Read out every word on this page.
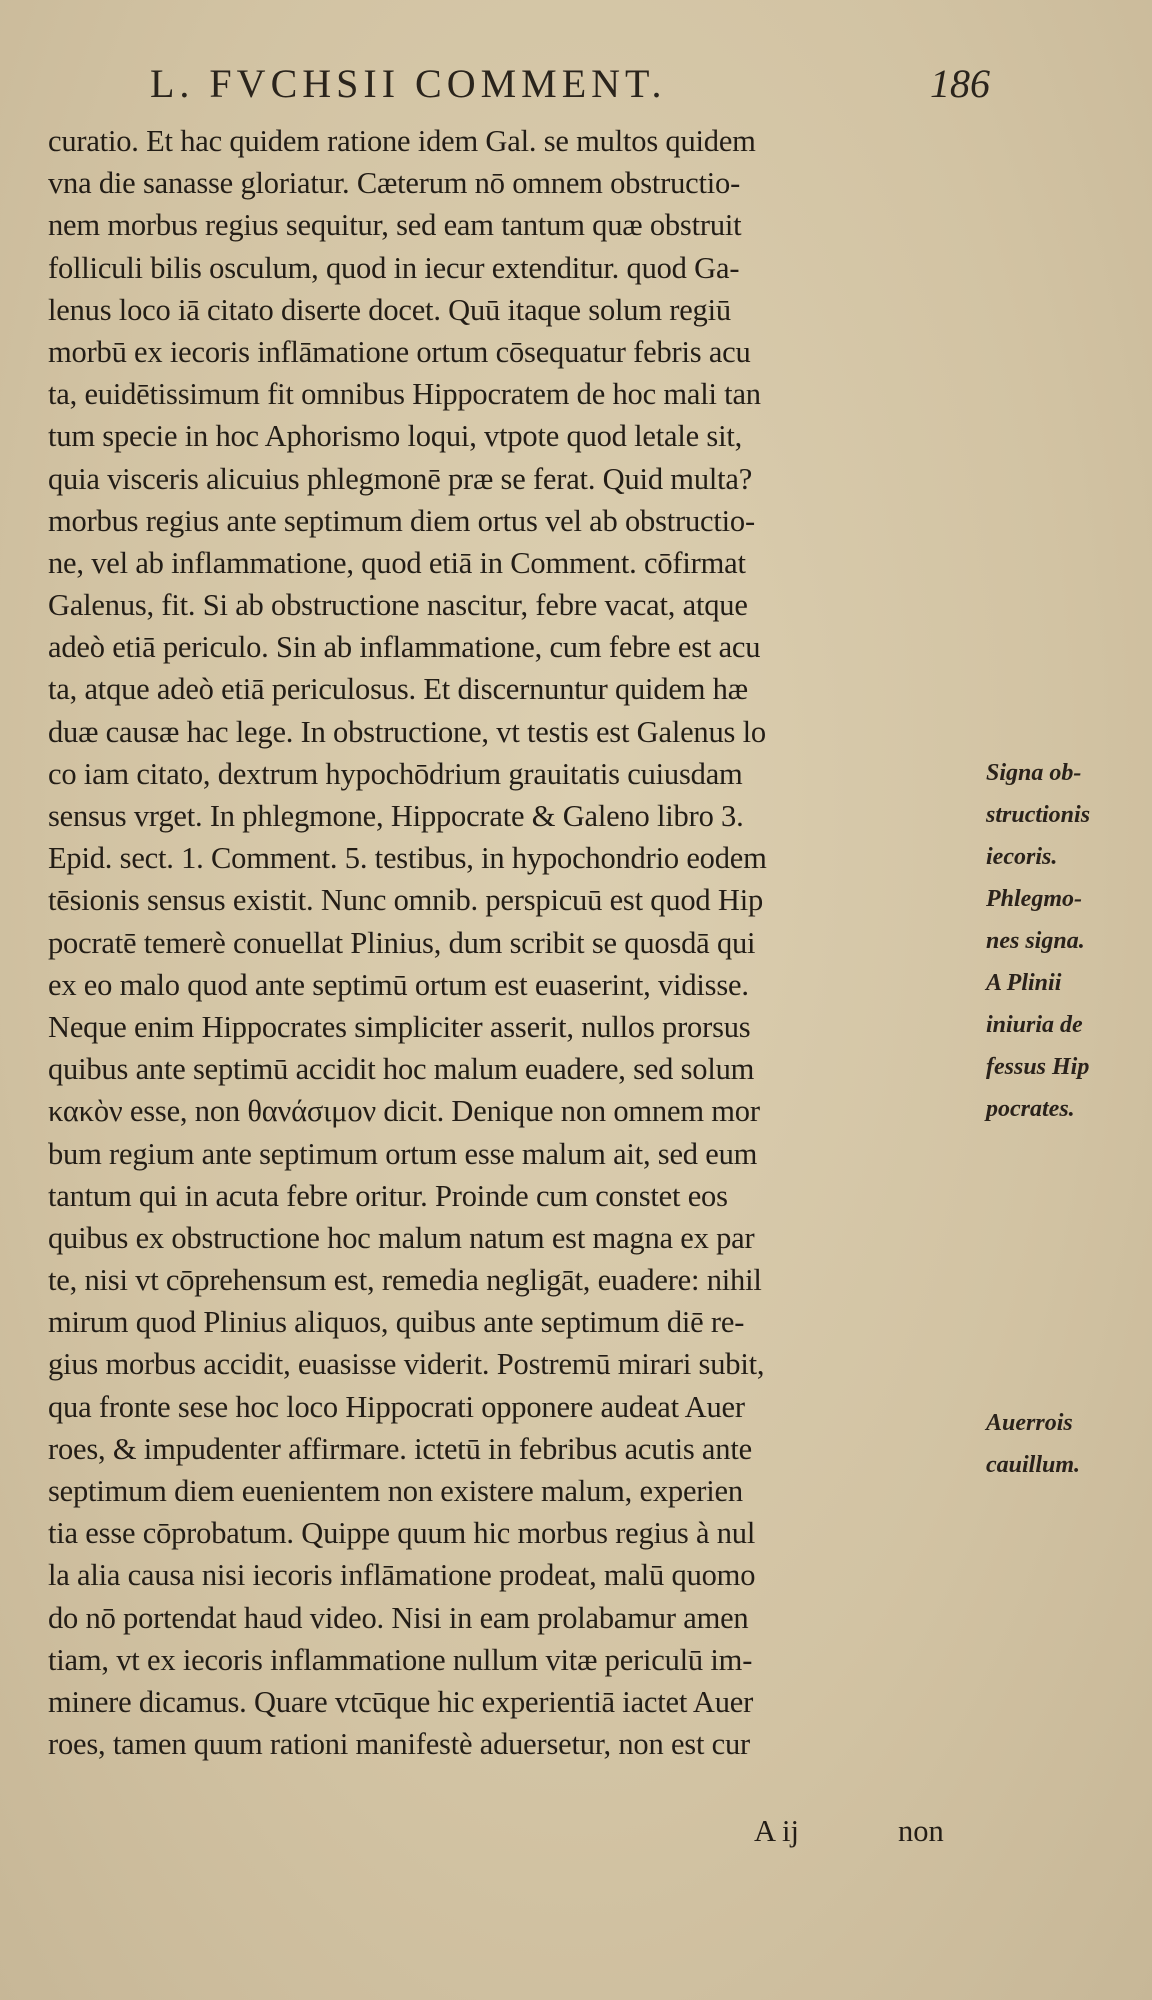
L. FVCHSII COMMENT.	186
curatio. Et hac quidem ratione idem Gal. se multos quidem
vna die sanasse gloriatur. Cæterum nō omnem obstructio-
nem morbus regius sequitur, sed eam tantum quæ obstruit
folliculi bilis osculum, quod in iecur extenditur. quod Ga-
lenus loco iā citato diserte docet. Quū itaque solum regiū
morbū ex iecoris inflāmatione ortum cōsequatur febris acu
ta, euidētissimum fit omnibus Hippocratem de hoc mali tan
tum specie in hoc Aphorismo loqui, vtpote quod letale sit,
quia visceris alicuius phlegmonē præ se ferat. Quid multa?
morbus regius ante septimum diem ortus vel ab obstructio-
ne, vel ab inflammatione, quod etiā in Comment. cōfirmat
Galenus, fit. Si ab obstructione nascitur, febre vacat, atque
adeò etiā periculo. Sin ab inflammatione, cum febre est acu
ta, atque adeò etiā periculosus. Et discernuntur quidem hæ
duæ causæ hac lege. In obstructione, vt testis est Galenus lo
co iam citato, dextrum hypochōdrium grauitatis cuiusdam
sensus vrget. In phlegmone, Hippocrate & Galeno libro 3.
Epid. sect. 1. Comment. 5. testibus, in hypochondrio eodem
tēsionis sensus existit. Nunc omnib. perspicuū est quod Hip
pocratē temerè conuellat Plinius, dum scribit se quosdā qui
ex eo malo quod ante septimū ortum est euaserint, vidisse.
Neque enim Hippocrates simpliciter asserit, nullos prorsus
quibus ante septimū accidit hoc malum euadere, sed solum
κακὸν esse, non θανάσιμον dicit. Denique non omnem mor
bum regium ante septimum ortum esse malum ait, sed eum
tantum qui in acuta febre oritur. Proinde cum constet eos
quibus ex obstructione hoc malum natum est magna ex par
te, nisi vt cōprehensum est, remedia negligāt, euadere: nihil
mirum quod Plinius aliquos, quibus ante septimum diē re-
gius morbus accidit, euasisse viderit. Postremū mirari subit,
qua fronte sese hoc loco Hippocrati opponere audeat Auer
roes, & impudenter affirmare. ictetū in febribus acutis ante
septimum diem euenientem non existere malum, experien
tia esse cōprobatum. Quippe quum hic morbus regius à nul
la alia causa nisi iecoris inflāmatione prodeat, malū quomo
do nō portendat haud video. Nisi in eam prolabamur amen
tiam, vt ex iecoris inflammatione nullum vitæ periculū im-
minere dicamus. Quare vtcūque hic experientiā iactet Auer
roes, tamen quum rationi manifestè aduersetur, non est cur
Signa ob-
structionis
iecoris.
Phlegmo-
nes signa.
A Plinii
iniuria de
fessus Hip
pocrates.
Auerrois
cauillum.
A ij	non
